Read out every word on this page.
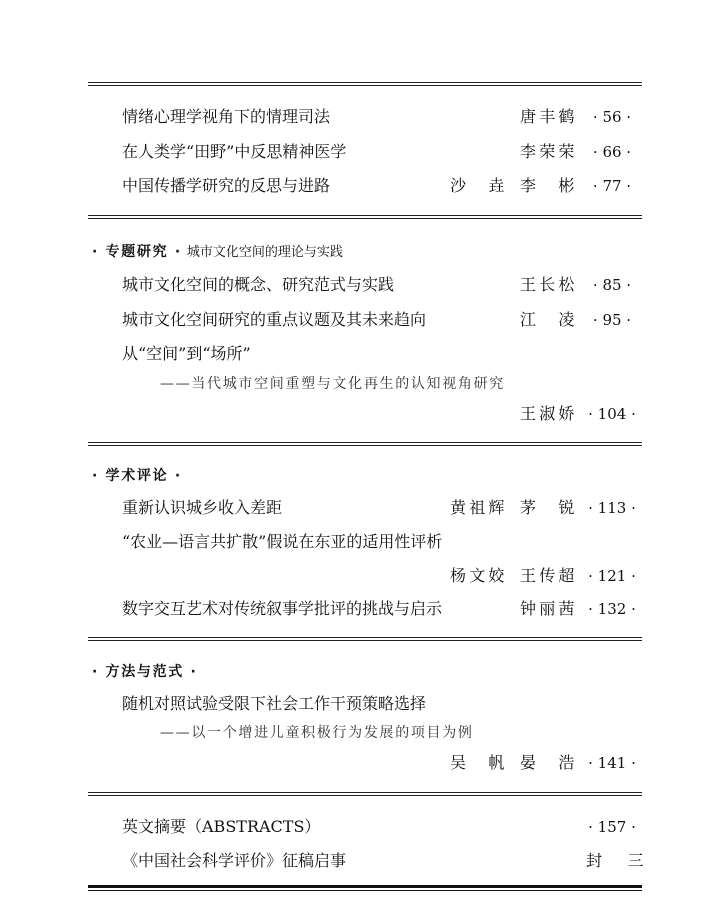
情绪心理学视角下的情理司法	唐丰鹤	· 56 ·
在人类学“田野”中反思精神医学	李荣荣	· 66 ·
中国传播学研究的反思与进路	沙　垚 李　彬	· 77 ·
· 专题研究 · 城市文化空间的理论与实践
城市文化空间的概念、研究范式与实践	王长松	· 85 ·
城市文化空间研究的重点议题及其未来趋向	江　凌	· 95 ·
从“空间”到“场所”
——当代城市空间重塑与文化再生的认知视角研究
王淑娇 · 104 ·
· 学术评论 ·
重新认识城乡收入差距	黄祖辉 茅　锐 · 113 ·
“农业—语言共扩散”假说在东亚的适用性评析
杨文姣 王传超 · 121 ·
数字交互艺术对传统叙事学批评的挑战与启示	钟丽茜 · 132 ·
· 方法与范式 ·
随机对照试验受限下社会工作干预策略选择
——以一个增进儿童积极行为发展的项目为例
吴　帆 晏　浩 · 141 ·
英文摘要（ABSTRACTS）	· 157 ·
《中国社会科学评价》征稿启事	封三
